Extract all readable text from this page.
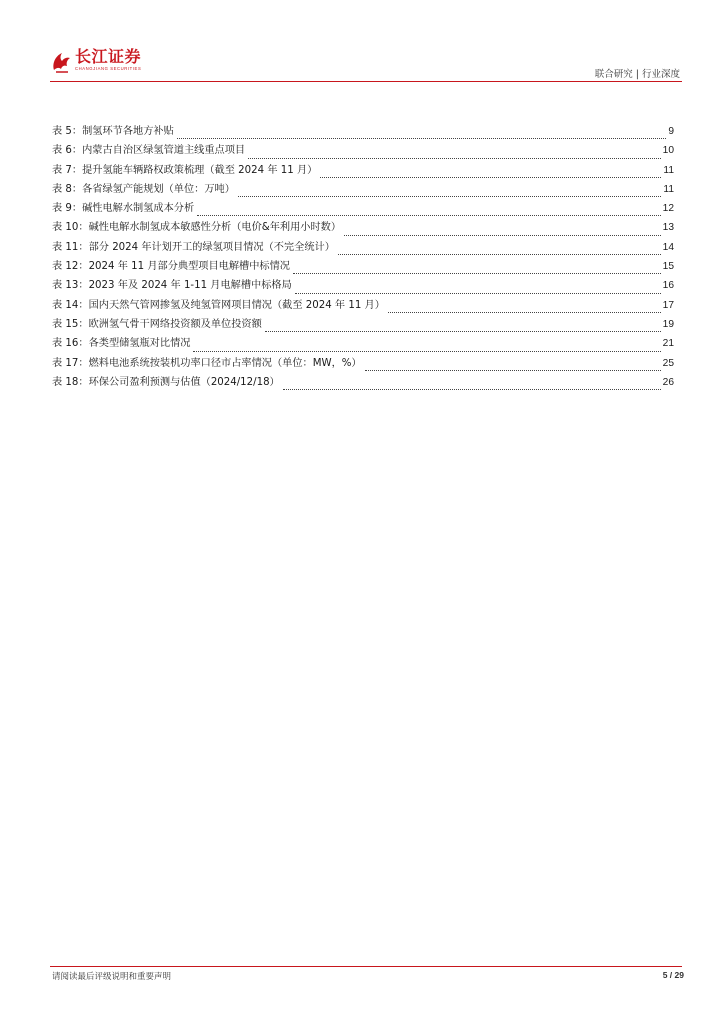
长江证券
CHANGJIANG SECURITIES
联合研究 | 行业深度
表 5： 制氢环节各地方补贴	9
表 6： 内蒙古自治区绿氢管道主线重点项目	10
表 7： 提升氢能车辆路权政策梳理（截至 2024 年 11 月）	11
表 8： 各省绿氢产能规划（单位：万吨）	11
表 9： 碱性电解水制氢成本分析	12
表 10： 碱性电解水制氢成本敏感性分析（电价&年利用小时数）	13
表 11： 部分 2024 年计划开工的绿氢项目情况（不完全统计）	14
表 12： 2024 年 11 月部分典型项目电解槽中标情况	15
表 13： 2023 年及 2024 年 1-11 月电解槽中标格局	16
表 14： 国内天然气管网掺氢及纯氢管网项目情况（截至 2024 年 11 月）	17
表 15： 欧洲氢气骨干网络投资额及单位投资额	19
表 16： 各类型储氢瓶对比情况	21
表 17： 燃料电池系统按装机功率口径市占率情况（单位：MW，%）	25
表 18： 环保公司盈利预测与估值（2024/12/18）	26
请阅读最后评级说明和重要声明	5 / 29
